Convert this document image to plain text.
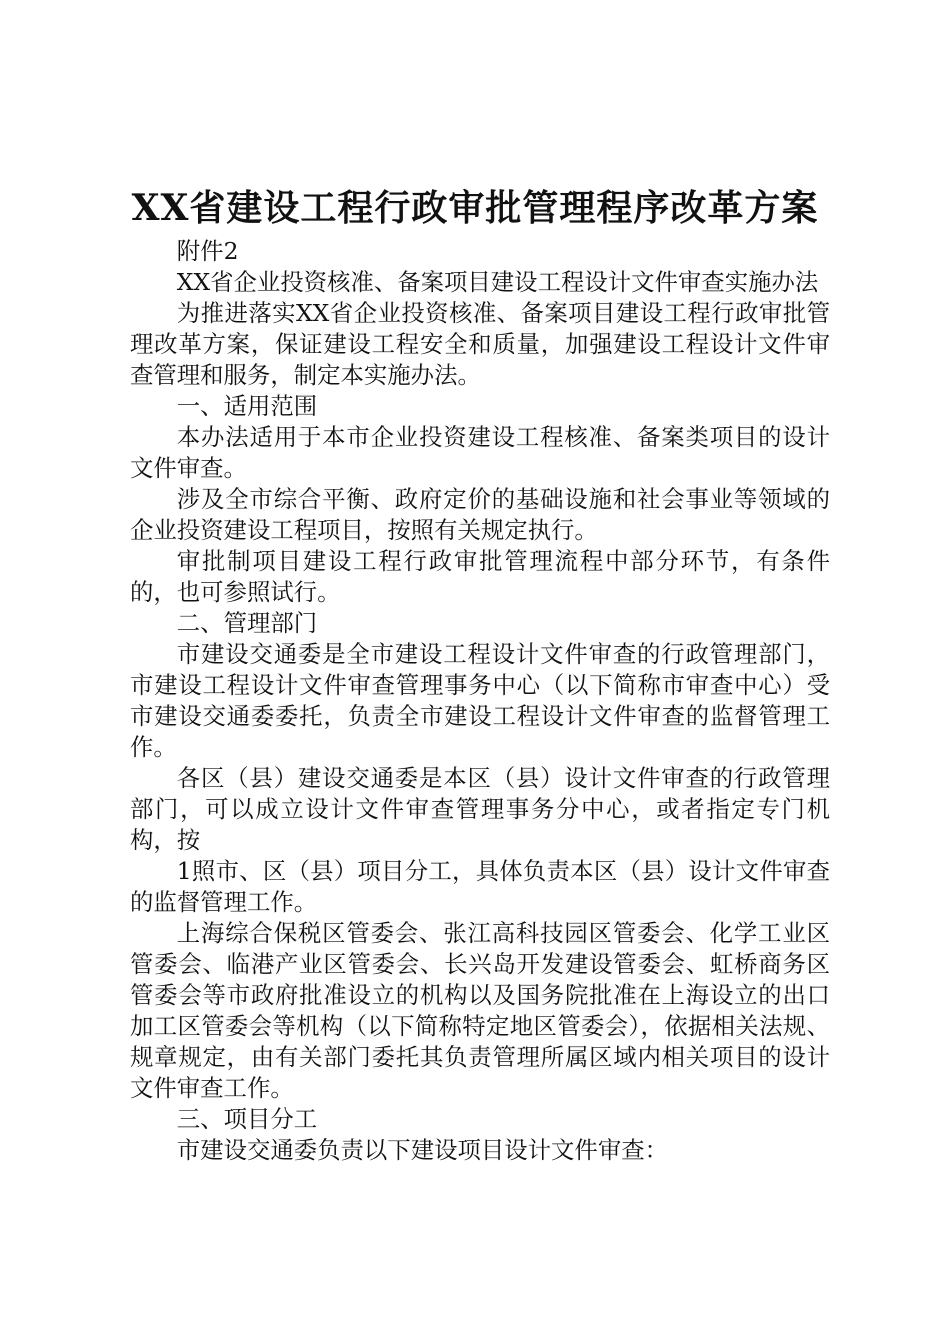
XX省建设工程行政审批管理程序改革方案

附件2

XX省企业投资核准、备案项目建设工程设计文件审查实施办法

为推进落实XX省企业投资核准、备案项目建设工程行政审批管理改革方案，保证建设工程安全和质量，加强建设工程设计文件审查管理和服务，制定本实施办法。

一、适用范围

本办法适用于本市企业投资建设工程核准、备案类项目的设计文件审查。

涉及全市综合平衡、政府定价的基础设施和社会事业等领域的企业投资建设工程项目，按照有关规定执行。

审批制项目建设工程行政审批管理流程中部分环节，有条件的，也可参照试行。

二、管理部门

市建设交通委是全市建设工程设计文件审查的行政管理部门，市建设工程设计文件审查管理事务中心（以下简称市审查中心）受市建设交通委委托，负责全市建设工程设计文件审查的监督管理工作。

各区（县）建设交通委是本区（县）设计文件审查的行政管理部门，可以成立设计文件审查管理事务分中心，或者指定专门机构，按

1照市、区（县）项目分工，具体负责本区（县）设计文件审查的监督管理工作。

上海综合保税区管委会、张江高科技园区管委会、化学工业区管委会、临港产业区管委会、长兴岛开发建设管委会、虹桥商务区管委会等市政府批准设立的机构以及国务院批准在上海设立的出口加工区管委会等机构（以下简称特定地区管委会），依据相关法规、规章规定，由有关部门委托其负责管理所属区域内相关项目的设计文件审查工作。

三、项目分工

市建设交通委负责以下建设项目设计文件审查：
